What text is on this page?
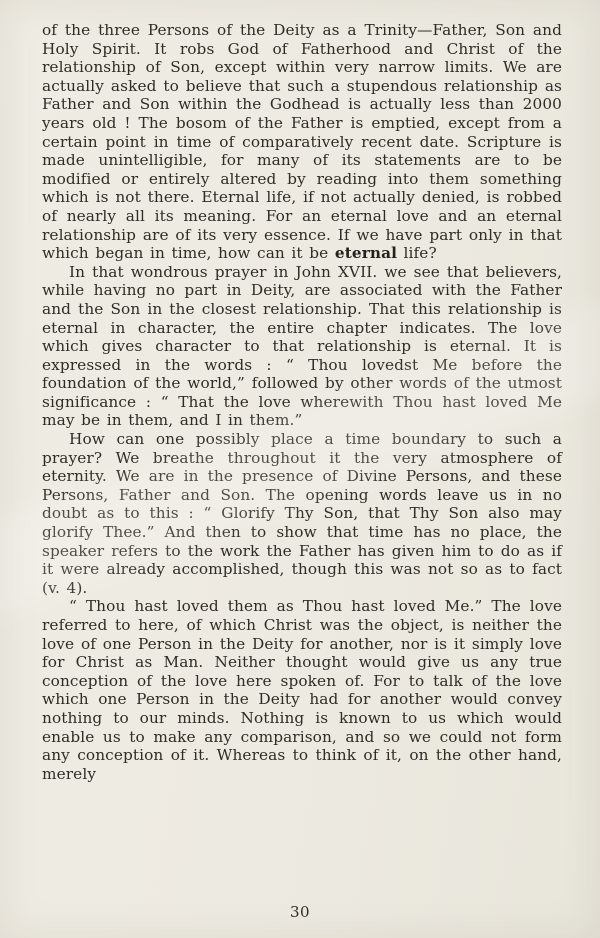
of the three Persons of the Deity as a Trinity—Father, Son and Holy Spirit. It robs God of Fatherhood and Christ of the relationship of Son, except within very narrow limits. We are actually asked to believe that such a stupendous relationship as Father and Son within the Godhead is actually less than 2000 years old ! The bosom of the Father is emptied, except from a certain point in time of comparatively recent date. Scripture is made unintelligible, for many of its statements are to be modified or entirely altered by reading into them something which is not there. Eternal life, if not actually denied, is robbed of nearly all its meaning. For an eternal love and an eternal relationship are of its very essence. If we have part only in that which began in time, how can it be eternal life?

In that wondrous prayer in John XVII. we see that believers, while having no part in Deity, are associated with the Father and the Son in the closest relationship. That this relationship is eternal in character, the entire chapter indicates. The love which gives character to that relationship is eternal. It is expressed in the words : “ Thou lovedst Me before the foundation of the world,” followed by other words of the utmost significance : “ That the love wherewith Thou hast loved Me may be in them, and I in them.”

How can one possibly place a time boundary to such a prayer? We breathe throughout it the very atmosphere of eternity. We are in the presence of Divine Persons, and these Persons, Father and Son. The opening words leave us in no doubt as to this : “ Glorify Thy Son, that Thy Son also may glorify Thee.” And then to show that time has no place, the speaker refers to the work the Father has given him to do as if it were already accomplished, though this was not so as to fact (v. 4).

“ Thou hast loved them as Thou hast loved Me.” The love referred to here, of which Christ was the object, is neither the love of one Person in the Deity for another, nor is it simply love for Christ as Man. Neither thought would give us any true conception of the love here spoken of. For to talk of the love which one Person in the Deity had for another would convey nothing to our minds. Nothing is known to us which would enable us to make any comparison, and so we could not form any conception of it. Whereas to think of it, on the other hand, merely

30
